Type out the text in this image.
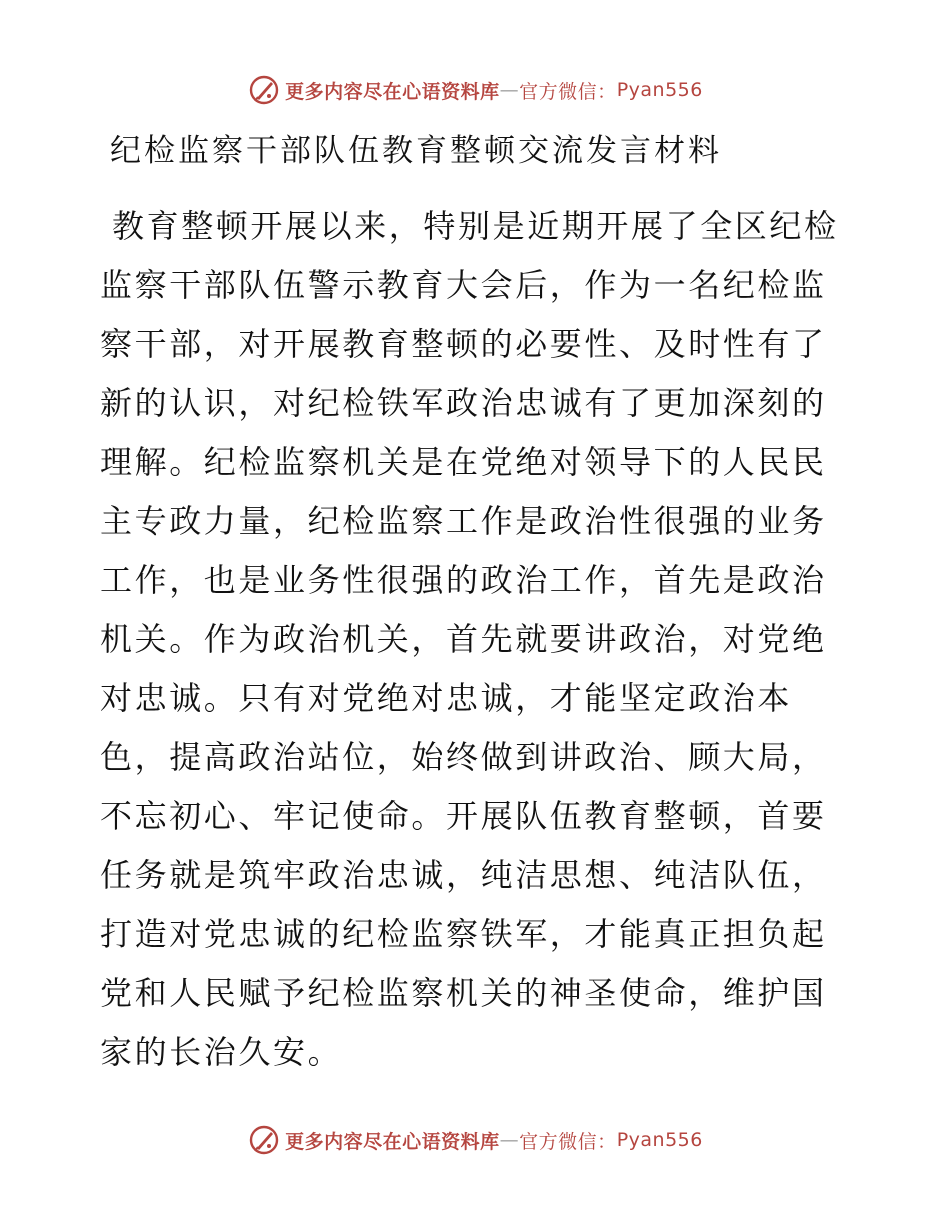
更多内容尽在心语资料库 — 官方微信： Pyan556
纪检监察干部队伍教育整顿交流发言材料

教育整顿开展以来，特别是近期开展了全区纪检监察干部队伍警示教育大会后，作为一名纪检监察干部，对开展教育整顿的必要性、及时性有了新的认识，对纪检铁军政治忠诚有了更加深刻的理解。纪检监察机关是在党绝对领导下的人民民主专政力量，纪检监察工作是政治性很强的业务工作，也是业务性很强的政治工作，首先是政治机关。作为政治机关，首先就要讲政治，对党绝对忠诚。只有对党绝对忠诚，才能坚定政治本色，提高政治站位，始终做到讲政治、顾大局，不忘初心、牢记使命。开展队伍教育整顿，首要任务就是筑牢政治忠诚，纯洁思想、纯洁队伍，打造对党忠诚的纪检监察铁军，才能真正担负起党和人民赋予纪检监察机关的神圣使命，维护国家的长治久安。

更多内容尽在心语资料库 — 官方微信： Pyan556
